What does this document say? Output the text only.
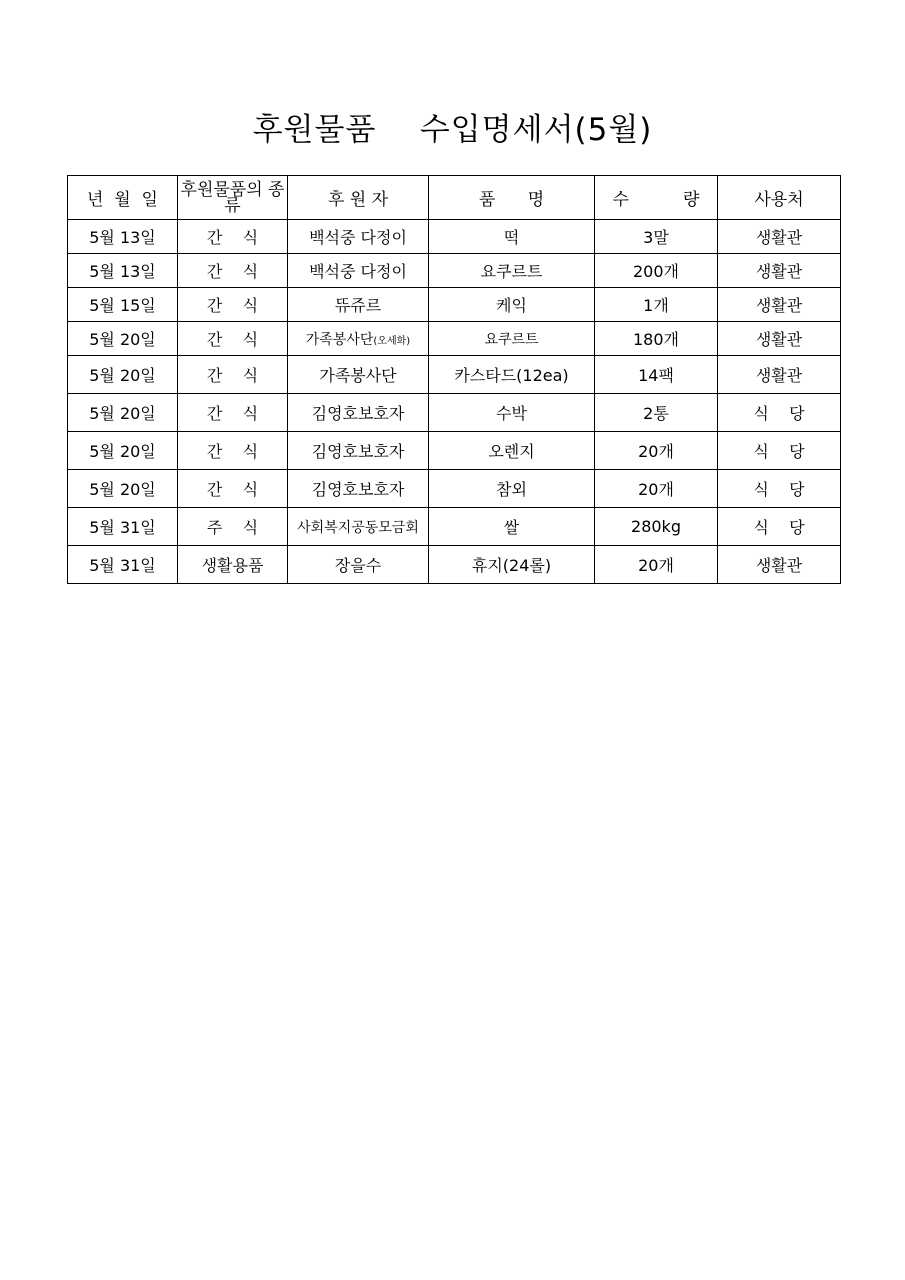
후원물품    수입명세서(5월)
년  월  일	후원물품의 종류	후 원 자	품      명	수          량	사용처
5월 13일	간    식	백석중 다정이	떡	3말	생활관
5월 13일	간    식	백석중 다정이	요쿠르트	200개	생활관
5월 15일	간    식	뜌쥬르	케익	1개	생활관
5월 20일	간    식	가족봉사단(오세화)	요쿠르트	180개	생활관
5월 20일	간    식	가족봉사단	카스타드(12ea)	14팩	생활관
5월 20일	간    식	김영호보호자	수박	2통	식    당
5월 20일	간    식	김영호보호자	오렌지	20개	식    당
5월 20일	간    식	김영호보호자	참외	20개	식    당
5월 31일	주    식	사회복지공동모금회	쌀	280kg	식    당
5월 31일	생활용품	장을수	휴지(24롤)	20개	생활관
